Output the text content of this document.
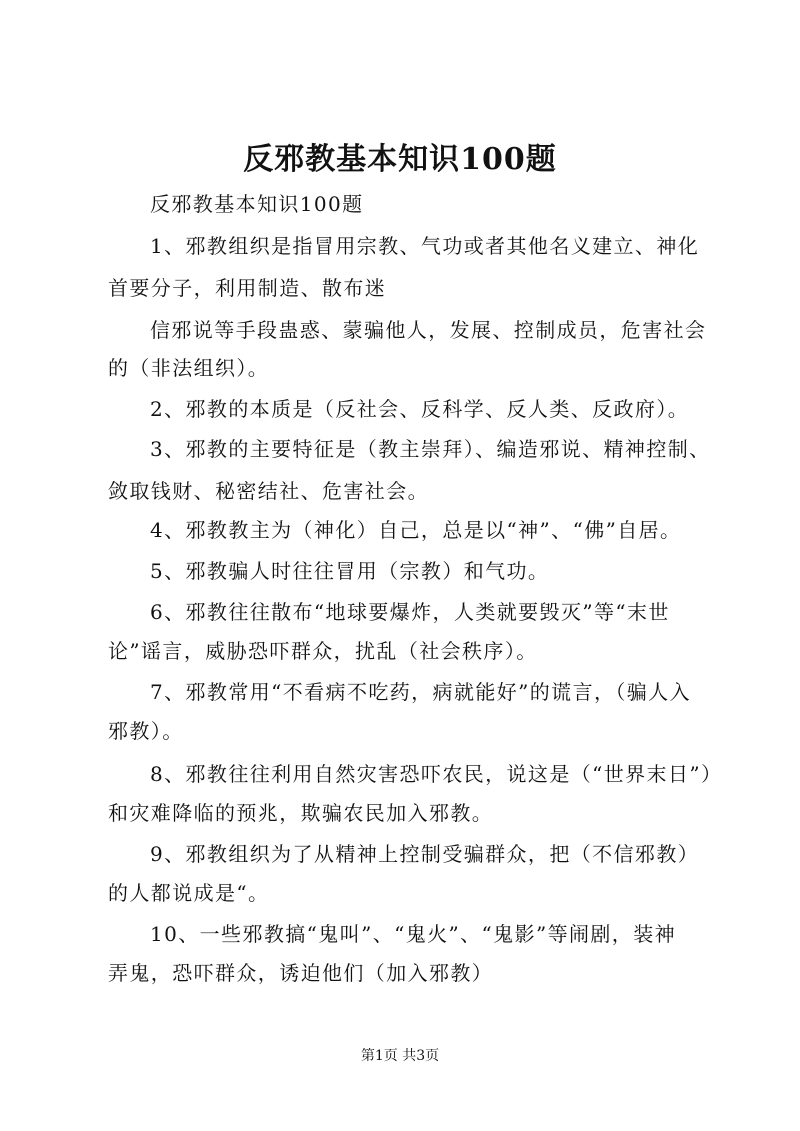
反邪教基本知识100题
反邪教基本知识100题
1、邪教组织是指冒用宗教、气功或者其他名义建立、神化
首要分子，利用制造、散布迷
信邪说等手段蛊惑、蒙骗他人，发展、控制成员，危害社会
的（非法组织）。
2、邪教的本质是（反社会、反科学、反人类、反政府）。
3、邪教的主要特征是（教主崇拜）、编造邪说、精神控制、
敛取钱财、秘密结社、危害社会。
4、邪教教主为（神化）自己，总是以“神”、“佛”自居。
5、邪教骗人时往往冒用（宗教）和气功。
6、邪教往往散布“地球要爆炸，人类就要毁灭”等“末世
论”谣言，威胁恐吓群众，扰乱（社会秩序）。
7、邪教常用“不看病不吃药，病就能好”的谎言，（骗人入
邪教）。
8、邪教往往利用自然灾害恐吓农民，说这是（“世界末日”）
和灾难降临的预兆，欺骗农民加入邪教。
9、邪教组织为了从精神上控制受骗群众，把（不信邪教）
的人都说成是“。
10、一些邪教搞“鬼叫”、“鬼火”、“鬼影”等闹剧，装神
弄鬼，恐吓群众，诱迫他们（加入邪教）
第1页 共3页
